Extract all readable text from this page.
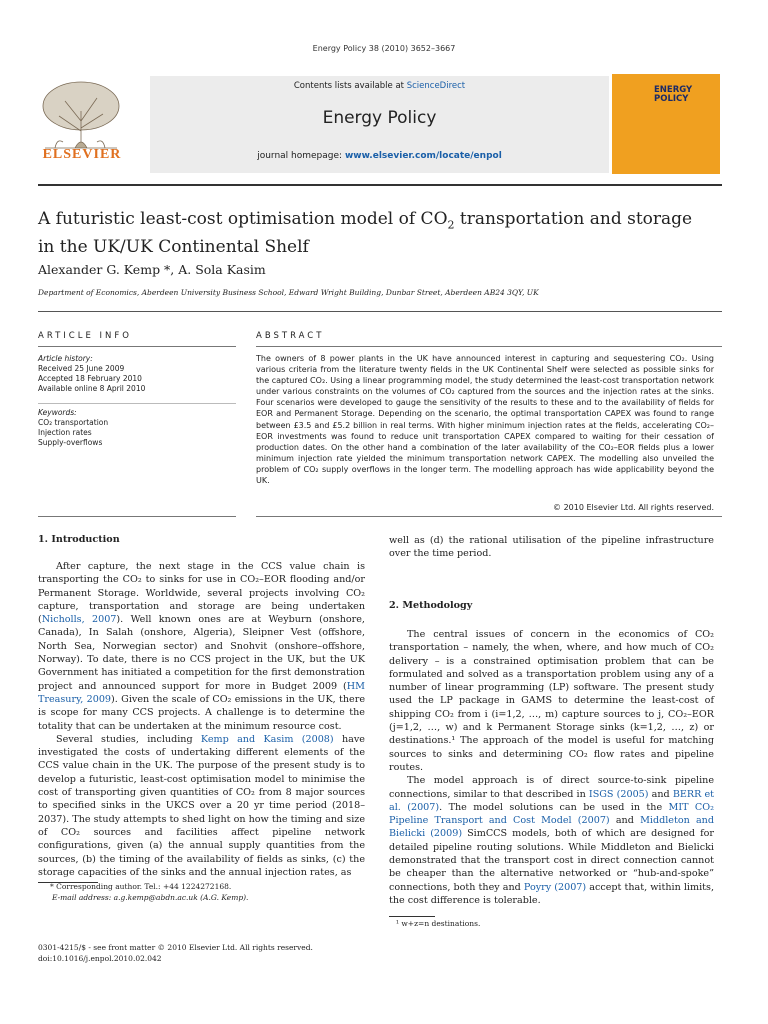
Energy Policy 38 (2010) 3652–3667
Contents lists available at ScienceDirect
Energy Policy
journal homepage: www.elsevier.com/locate/enpol
ELSEVIER
ENERGY
POLICY
A futuristic least-cost optimisation model of $CO_2$ transportation and storage
in the UK/UK Continental Shelf
Alexander G. Kemp *, A. Sola Kasim
Department of Economics, Aberdeen University Business School, Edward Wright Building, Dunbar Street, Aberdeen AB24 3QY, UK
ARTICLE INFO	ABSTRACT
Article history:
Received 25 June 2009
Accepted 18 February 2010
Available online 8 April 2010
Keywords:
CO₂ transportation
Injection rates
Supply-overflows
The owners of 8 power plants in the UK have announced interest in capturing and sequestering CO₂. Using various criteria from the literature twenty fields in the UK Continental Shelf were selected as possible sinks for the captured CO₂. Using a linear programming model, the study determined the least-cost transportation network under various constraints on the volumes of CO₂ captured from the sources and the injection rates at the sinks. Four scenarios were developed to gauge the sensitivity of the results to these and to the availability of fields for EOR and Permanent Storage. Depending on the scenario, the optimal transportation CAPEX was found to range between £3.5 and £5.2 billion in real terms. With higher minimum injection rates at the fields, accelerating CO₂–EOR investments was found to reduce unit transportation CAPEX compared to waiting for their cessation of production dates. On the other hand a combination of the later availability of the CO₂–EOR fields plus a lower minimum injection rate yielded the minimum transportation network CAPEX. The modelling also unveiled the problem of CO₂ supply overflows in the longer term. The modelling approach has wide applicability beyond the UK.
© 2010 Elsevier Ltd. All rights reserved.
1. Introduction

After capture, the next stage in the CCS value chain is transporting the CO₂ to sinks for use in CO₂–EOR flooding and/or Permanent Storage. Worldwide, several projects involving CO₂ capture, transportation and storage are being undertaken (Nicholls, 2007). Well known ones are at Weyburn (onshore, Canada), In Salah (onshore, Algeria), Sleipner Vest (offshore, North Sea, Norwegian sector) and Snohvit (onshore–offshore, Norway). To date, there is no CCS project in the UK, but the UK Government has initiated a competition for the first demonstration project and announced support for more in Budget 2009 (HM Treasury, 2009). Given the scale of CO₂ emissions in the UK, there is scope for many CCS projects. A challenge is to determine the totality that can be undertaken at the minimum resource cost.

Several studies, including Kemp and Kasim (2008) have investigated the costs of undertaking different elements of the CCS value chain in the UK. The purpose of the present study is to develop a futuristic, least-cost optimisation model to minimise the cost of transporting given quantities of CO₂ from 8 major sources to specified sinks in the UKCS over a 20 yr time period (2018–2037). The study attempts to shed light on how the timing and size of CO₂ sources and facilities affect pipeline network configurations, given (a) the annual supply quantities from the sources, (b) the timing of the availability of fields as sinks, (c) the storage capacities of the sinks and the annual injection rates, as

well as (d) the rational utilisation of the pipeline infrastructure over the time period.

2. Methodology

The central issues of concern in the economics of CO₂ transportation – namely, the when, where, and how much of CO₂ delivery – is a constrained optimisation problem that can be formulated and solved as a transportation problem using any of a number of linear programming (LP) software. The present study used the LP package in GAMS to determine the least-cost of shipping CO₂ from i (i=1,2, …, m) capture sources to j, CO₂–EOR (j=1,2, …, w) and k Permanent Storage sinks (k=1,2, …, z) or destinations.¹ The approach of the model is useful for matching sources to sinks and determining CO₂ flow rates and pipeline routes.

The model approach is of direct source-to-sink pipeline connections, similar to that described in ISGS (2005) and BERR et al. (2007). The model solutions can be used in the MIT CO₂ Pipeline Transport and Cost Model (2007) and Middleton and Bielicki (2009) SimCCS models, both of which are designed for detailed pipeline routing solutions. While Middleton and Bielicki demonstrated that the transport cost in direct connection cannot be cheaper than the alternative networked or “hub-and-spoke” connections, both they and Poyry (2007) accept that, within limits, the cost difference is tolerable.

* Corresponding author. Tel.: +44 1224272168.
E-mail address: a.g.kemp@abdn.ac.uk (A.G. Kemp).
¹ w+z=n destinations.
0301-4215/$ - see front matter © 2010 Elsevier Ltd. All rights reserved.
doi:10.1016/j.enpol.2010.02.042
